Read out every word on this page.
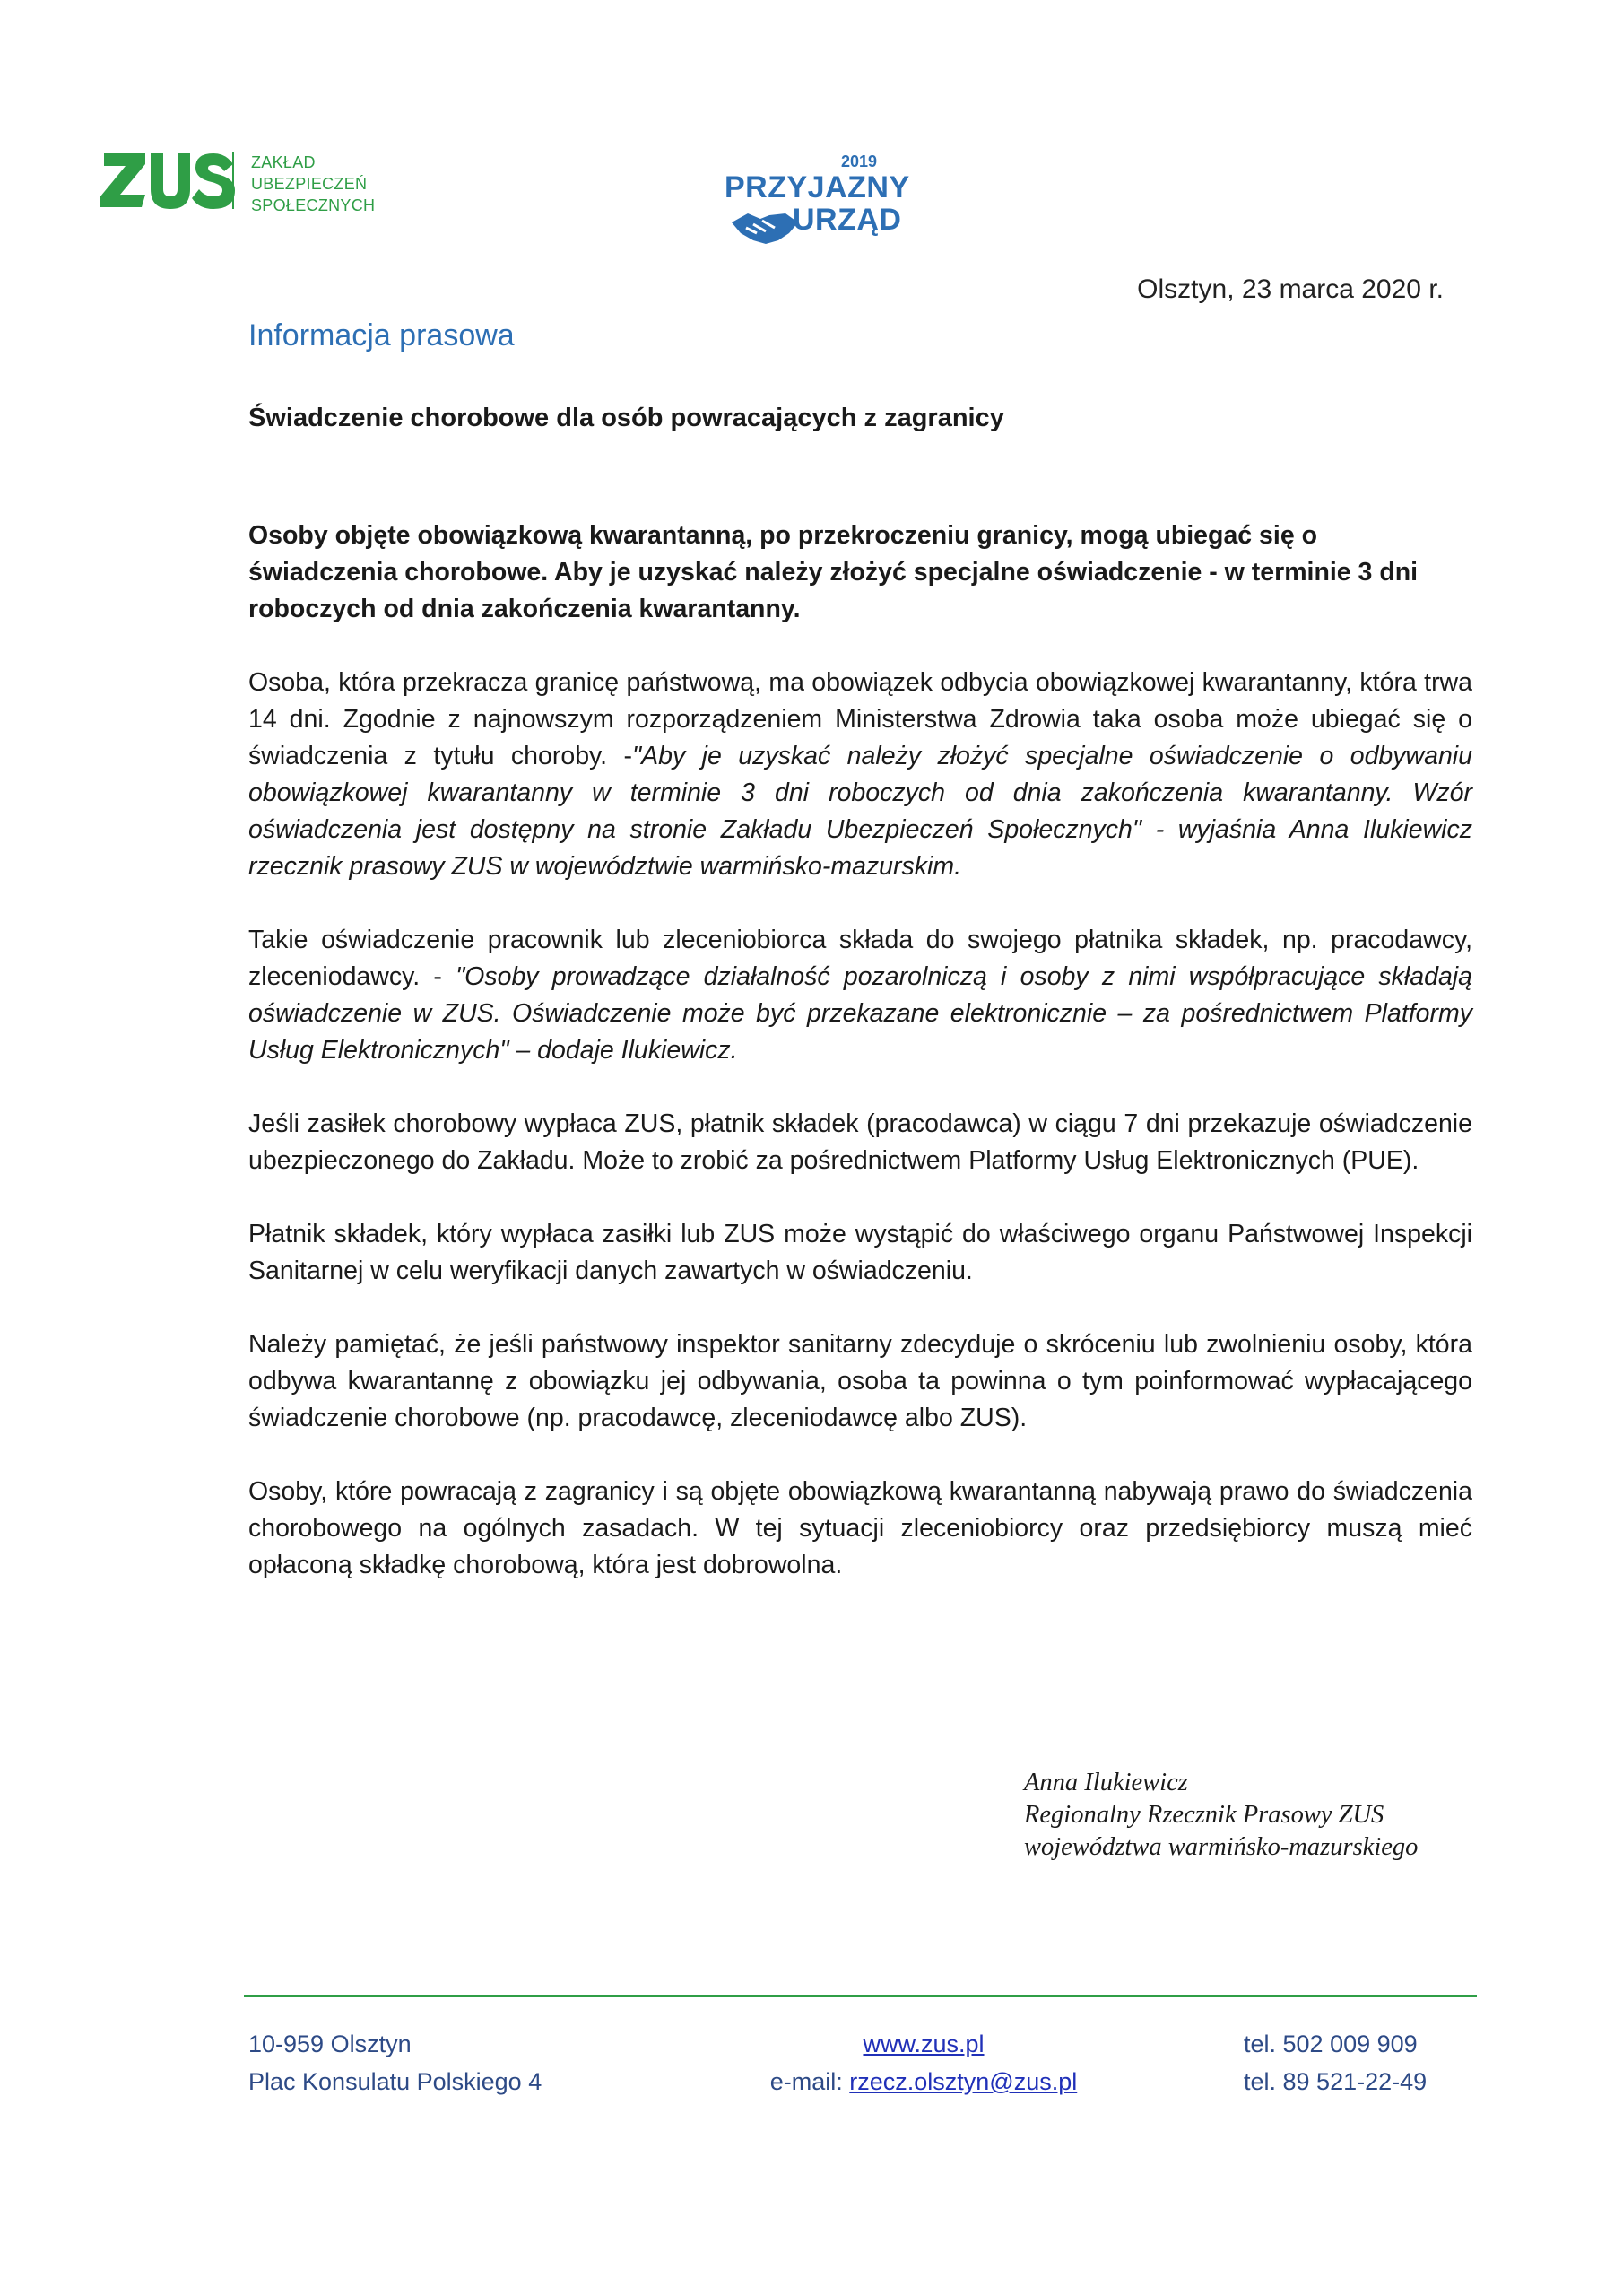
ZAKŁAD
UBEZPIECZEŃ
SPOŁECZNYCH
2019
PRZYJAZNY
URZĄD
Olsztyn, 23 marca 2020 r.
Informacja prasowa
Świadczenie chorobowe dla osób powracających z zagranicy

Osoby objęte obowiązkową kwarantanną, po przekroczeniu granicy, mogą ubiegać się o świadczenia chorobowe. Aby je uzyskać należy złożyć specjalne oświadczenie - w terminie 3 dni roboczych od dnia zakończenia kwarantanny.

Osoba, która przekracza granicę państwową, ma obowiązek odbycia obowiązkowej kwarantanny, która trwa 14 dni. Zgodnie z najnowszym rozporządzeniem Ministerstwa Zdrowia taka osoba może ubiegać się o świadczenia z tytułu choroby. -"Aby je uzyskać należy złożyć specjalne oświadczenie o odbywaniu obowiązkowej kwarantanny w terminie 3 dni roboczych od dnia zakończenia kwarantanny. Wzór oświadczenia jest dostępny na stronie Zakładu Ubezpieczeń Społecznych" - wyjaśnia Anna Ilukiewicz rzecznik prasowy ZUS w województwie warmińsko-mazurskim.

Takie oświadczenie pracownik lub zleceniobiorca składa do swojego płatnika składek, np. pracodawcy, zleceniodawcy. - "Osoby prowadzące działalność pozarolniczą i osoby z nimi współpracujące składają oświadczenie w ZUS. Oświadczenie może być przekazane elektronicznie – za pośrednictwem Platformy Usług Elektronicznych" – dodaje Ilukiewicz.

Jeśli zasiłek chorobowy wypłaca ZUS, płatnik składek (pracodawca) w ciągu 7 dni przekazuje oświadczenie ubezpieczonego do Zakładu. Może to zrobić za pośrednictwem Platformy Usług Elektronicznych (PUE).

Płatnik składek, który wypłaca zasiłki lub ZUS może wystąpić do właściwego organu Państwowej Inspekcji Sanitarnej w celu weryfikacji danych zawartych w oświadczeniu.

Należy pamiętać, że jeśli państwowy inspektor sanitarny zdecyduje o skróceniu lub zwolnieniu osoby, która odbywa kwarantannę z obowiązku jej odbywania, osoba ta powinna o tym poinformować wypłacającego świadczenie chorobowe (np. pracodawcę, zleceniodawcę albo ZUS).

Osoby, które powracają z zagranicy i są objęte obowiązkową kwarantanną nabywają prawo do świadczenia chorobowego na ogólnych zasadach. W tej sytuacji zleceniobiorcy oraz przedsiębiorcy muszą mieć opłaconą składkę chorobową, która jest dobrowolna.

Anna Ilukiewicz
Regionalny Rzecznik Prasowy ZUS
województwa warmińsko-mazurskiego
10-959 Olsztyn
Plac Konsulatu Polskiego 4
www.zus.pl
e-mail: rzecz.olsztyn@zus.pl
tel. 502 009 909
tel. 89 521-22-49
